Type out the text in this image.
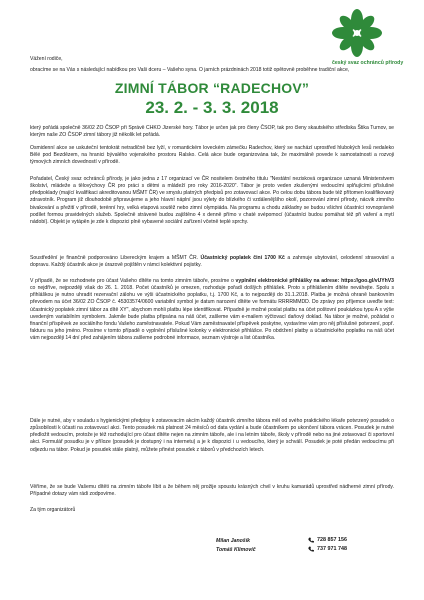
český svaz ochránců přírody

Vážení rodiče,

obracíme se na Vás s následující nabídkou pro Vaši dceru – Vašeho syna. O jarních prázdninách 2018 totiž opětovně proběhne tradiční akce,

ZIMNÍ TÁBOR “RADECHOV”
23. 2. - 3. 3. 2018

který pořádá společně 36/02 ZO ČSOP při Správě CHKO Jizerské hory. Tábor je určen jak pro členy ČSOP, tak pro členy skautského střediska Štika Turnov, se kterým naše ZO ČSOP zimní tábory již několik let pořádá.

Osmidenní akce se uskuteční tentokrát netradičně bez lyží, v romantickém loveckém zámečku Radechov, který se nachází uprostřed hlubokých lesů nedaleko Bělé pod Bezdězem, na hranici bývalého vojenského prostoru Ralsko. Celá akce bude organizována tak, že maximálně povede k samostatnosti a rozvoji týmových zimních dovedností v přírodě.

Pořadatel, Český svaz ochránců přírody, je jako jedna z 17 organizací ve ČR nositelem čestného titulu "Nestátní nezisková organizace uznaná Ministerstvem školství, mládeže a tělovýchovy ČR pro práci s dětmi a mládeží pro roky 2016-2020". Tábor je proto veden zkušenými vedoucími splňujícími příslušné předpoklady (mající kvalifikaci akreditovanou MŠMT ČR) ve smyslu platných předpisů pro zotavovací akce. Po celou dobu tábora bude též přítomen kvalifikovaný zdravotník. Program již dlouhodobě připravujeme a jeho hlavní náplní jsou výlety do blízkého či vzdálenějšího okolí, pozorování zimní přírody, nácvik zimního bivakování a přežití v přírodě, terénní hry, velká etapová soutěž nebo zimní olympiáda. Na programu a chodu základny se budou všichni účastníci rovnoprávně podílet formou pravidelných služeb. Společně strávené budou zajištěno 4 x denně přímo v chaté svépomocí (účastníci budou pomáhat též při vaření a mytí nádobí). Objekt je vytápěn je zde k dispozici plně vybavené sociální zařízení včetně teplé sprchy.

Soustředění je finančně podporováno Libereckým krajem a MŠMT ČR. Účastnický poplatek činí 1700 Kč a zahrnuje ubytování, celodenní stravování a dopravu. Každý účastník akce je úrazově pojištěn v rámci kolektivní pojistky.

V případě, že se rozhodnete pro účast Vašeho dítěte na tomto zimním táboře, prosíme o vyplnění elektronické přihlášky na adrese: https://goo.gl/vUYhV3 co nejdříve, nejpozději však do 26. 1. 2018. Počet účastníků je omezen, rozhoduje pořadí došlých přihlášek. Proto s přihlášením dítěte neváhejte. Spolu s přihláškou je nutno uhradit rezervační zálohu ve výši účastnického poplatku, t.j. 1700 Kč, a to nejpozději do 31.1.2018. Platba je možná ohraně bankovním převodem na účet 36/02 ZO ČSOP č. 45303574/0600 variabilní symbol je datum narození dítěte ve formátu RRRRMMDD. Do zprávy pro příjemce uveďte text: účastnický poplatek zimní tábor za dítě XY", abychom mohli platbu lépe identifikovat. Případně je možné poslat platbu na účet poštovní poukázkou typu A s výše uvedeným variabilním symbolem. Jakmile bude platba připsána na náš účet, zašleme vám e-mailem výčtovací daňový doklad. Na tábor je možné, požádat o finanční příspěvek ze sociálního fondu Vašeho zaměstnavatele. Pokud Vám zaměstnavatel příspěvek poskytne, vystavíme vám pro něj příslušné potvrzení, popř. fakturu na jeho jméno. Prosíme v tomto případě o vyplnění příslušné kolonky v elektronické přihlášce. Po obdržení platby a účastnického poplatku na náš účet vám nejpozději 14 dní před zahájením tábora zašleme podrobné informace, seznam výstroje a list účastníka.

Dále je nutné, aby v souladu s hygienickými předpisy k zotavovacím akcím každý účastník zimního tábora měl od svého praktického lékaře potvrzený posudek o způsobilosti k účasti na zotavovací akci. Tento posudek má platnost 24 měsíců od data vydání a bude účastníkem po ukončení tábora vrácen. Posudek je nutné předložit vedoucím, protože je též rozhodující pro účast dítěte nejen na zimním táboře, ale i na letním táboře, školy v přírodě nebo na jiné zotavovací či sportovní akci. Formulář posudku je v příloze (posudek je dostupný i na internetu) a je k dispozici i u vedoucího, který je schválí. Posudek je poté předán vedoucímu při odjezdu na tábor. Pokud je posudek stále platný, můžete přinést posudek z táborů v předchozích letech.

Věříme, že se bude Vašemu dítěti na zimním táboře líbit a že během něj prožije spoustu krásných chvil v kruhu kamarádů uprostřed nádherné zimní přírody. Případné dotazy vám rádi zodpovíme.

Za tým organizátorů

Milan Janošík	728 857 156
Tomáš Klimovič	737 971 748
